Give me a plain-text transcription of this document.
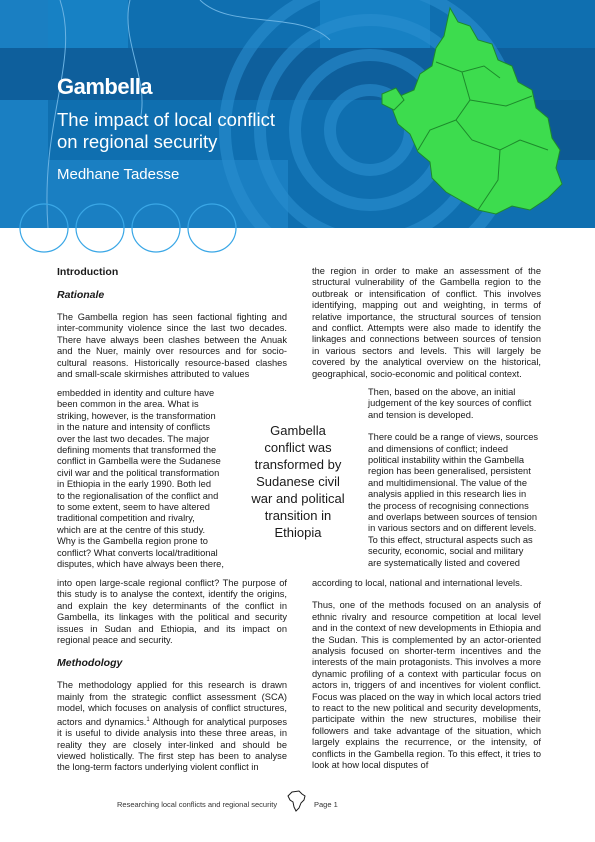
Gambella
The impact of local conflict
on regional security

Medhane Tadesse

Introduction

Rationale

The Gambella region has seen factional fighting and inter-community violence since the last two decades. There have always been clashes between the Anuak and the Nuer, mainly over resources and for socio-cultural reasons. Historically resource-based clashes and small-scale skirmishes attributed to values

embedded in identity and culture have

been common in the area. What is

striking, however, is the transformation

in the nature and intensity of conflicts

over the last two decades. The major

defining moments that transformed the

conflict in Gambella were the Sudanese

civil war and the political transformation

in Ethiopia in the early 1990. Both led

to the regionalisation of the conflict and

to some extent, seem to have altered

traditional competition and rivalry,

which are at the centre of this study.

Why is the Gambella region prone to

conflict? What converts local/traditional

disputes, which have always been there,

into open large-scale regional conflict? The purpose of this study is to analyse the context, identify the origins, and explain the key determinants of the conflict in Gambella, its linkages with the political and security issues in Sudan and Ethiopia, and its impact on regional peace and security.

Methodology

The methodology applied for this research is drawn mainly from the strategic conflict assessment (SCA) model, which focuses on analysis of conflict structures, actors and dynamics.$^1$ Although for analytical purposes it is useful to divide analysis into these three areas, in reality they are closely inter-linked and should be viewed holistically. The first step has been to analyse the long-term factors underlying violent conflict in

Gambella
conflict was
transformed by
Sudanese civil
war and political
transition in
Ethiopia

the region in order to make an assessment of the structural vulnerability of the Gambella region to the outbreak or intensification of conflict. This involves identifying, mapping out and weighting, in terms of relative importance, the structural sources of tension and conflict. Attempts were also made to identify the linkages and connections between sources of tension in various sectors and levels. This will largely be covered by the analytical overview on the historical, geographical, socio-economic and political context.

Then, based on the above, an initial

judgement of the key sources of conflict

and tension is developed.

There could be a range of views, sources

and dimensions of conflict; indeed

political instability within the Gambella

region has been generalised, persistent

and multidimensional. The value of the

analysis applied in this research lies in

the process of recognising connections

and overlaps between sources of tension

in various sectors and on different levels.

To this effect, structural aspects such as

security, economic, social and military

are systematically listed and covered

according to local, national and international levels.

Thus, one of the methods focused on an analysis of ethnic rivalry and resource competition at local level and in the context of new developments in Ethiopia and the Sudan. This is complemented by an actor-oriented analysis focused on shorter-term incentives and the interests of the main protagonists. This involves a more dynamic profiling of a context with particular focus on actors in, triggers of and incentives for violent conflict. Focus was placed on the way in which local actors tried to react to the new political and security developments, participate within the new structures, mobilise their followers and take advantage of the situation, which largely explains the recurrence, or the intensity, of conflicts in the Gambella region. To this effect, it tries to look at how local disputes of

Researching local conflicts and regional security	Page 1
